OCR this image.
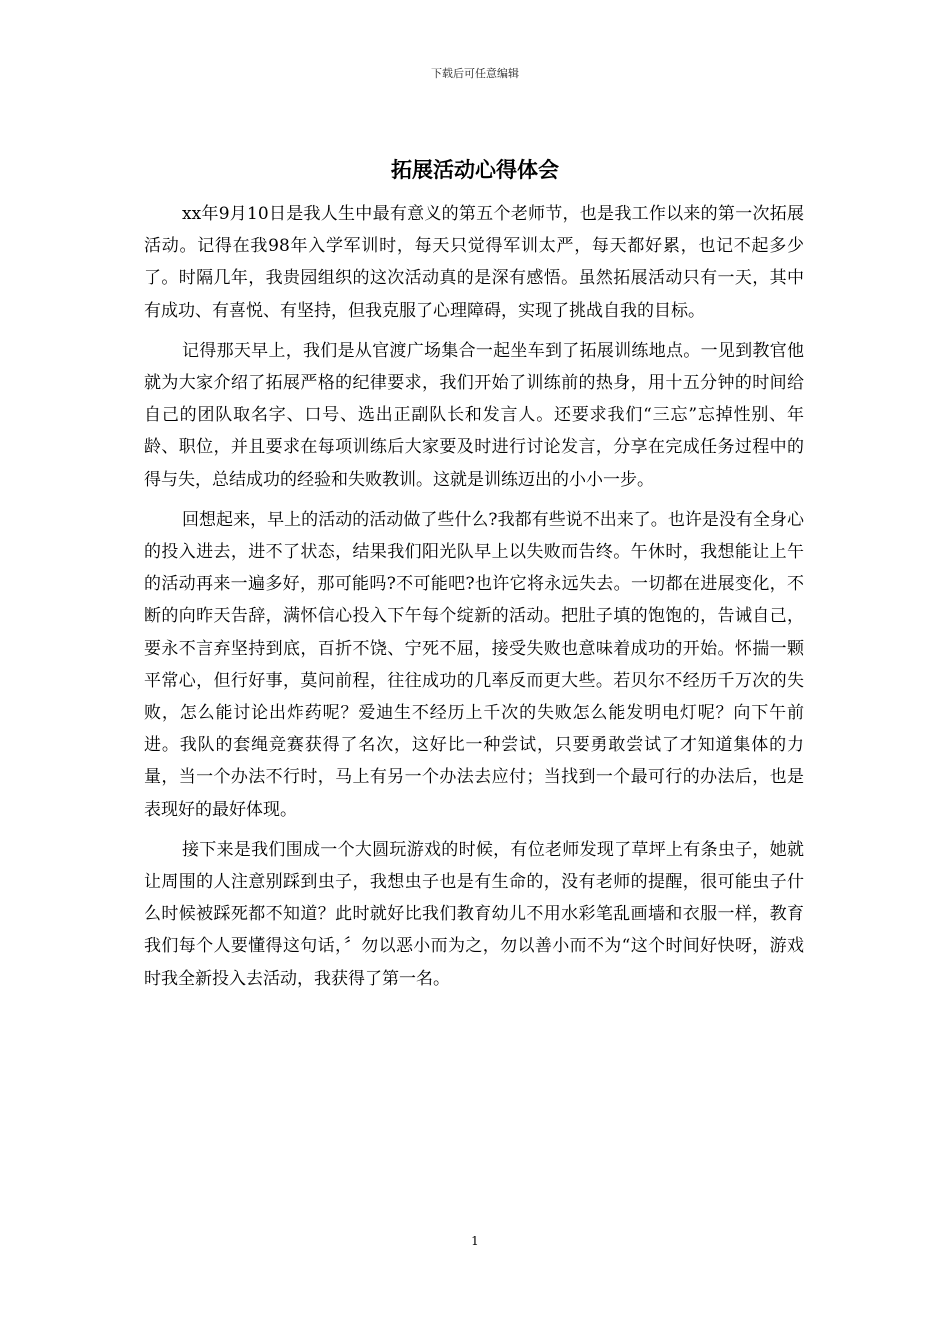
下载后可任意编辑
拓展活动心得体会

xx年9月10日是我人生中最有意义的第五个老师节，也是我工作以来的第一次拓展活动。记得在我98年入学军训时，每天只觉得军训太严，每天都好累，也记不起多少了。时隔几年，我贵园组织的这次活动真的是深有感悟。虽然拓展活动只有一天，其中有成功、有喜悦、有坚持，但我克服了心理障碍，实现了挑战自我的目标。

记得那天早上，我们是从官渡广场集合一起坐车到了拓展训练地点。一见到教官他就为大家介绍了拓展严格的纪律要求，我们开始了训练前的热身，用十五分钟的时间给自己的团队取名字、口号、选出正副队长和发言人。还要求我们“三忘”忘掉性别、年龄、职位，并且要求在每项训练后大家要及时进行讨论发言，分享在完成任务过程中的得与失，总结成功的经验和失败教训。这就是训练迈出的小小一步。

回想起来，早上的活动的活动做了些什么?我都有些说不出来了。也许是没有全身心的投入进去，进不了状态，结果我们阳光队早上以失败而告终。午休时，我想能让上午的活动再来一遍多好，那可能吗?不可能吧?也许它将永远失去。一切都在进展变化，不断的向昨天告辞，满怀信心投入下午每个绽新的活动。把肚子填的饱饱的，告诫自己，要永不言弃坚持到底，百折不饶、宁死不屈，接受失败也意味着成功的开始。怀揣一颗平常心，但行好事，莫问前程，往往成功的几率反而更大些。若贝尔不经历千万次的失败，怎么能讨论出炸药呢？爱迪生不经历上千次的失败怎么能发明电灯呢？向下午前进。我队的套绳竞赛获得了名次，这好比一种尝试，只要勇敢尝试了才知道集体的力量，当一个办法不行时，马上有另一个办法去应付；当找到一个最可行的办法后，也是表现好的最好体现。

接下来是我们围成一个大圆玩游戏的时候，有位老师发现了草坪上有条虫子，她就让周围的人注意别踩到虫子，我想虫子也是有生命的，没有老师的提醒，很可能虫子什么时候被踩死都不知道？此时就好比我们教育幼儿不用水彩笔乱画墙和衣服一样，教育我们每个人要懂得这句话，〞勿以恶小而为之，勿以善小而不为“这个时间好快呀，游戏时我全新投入去活动，我获得了第一名。

1
